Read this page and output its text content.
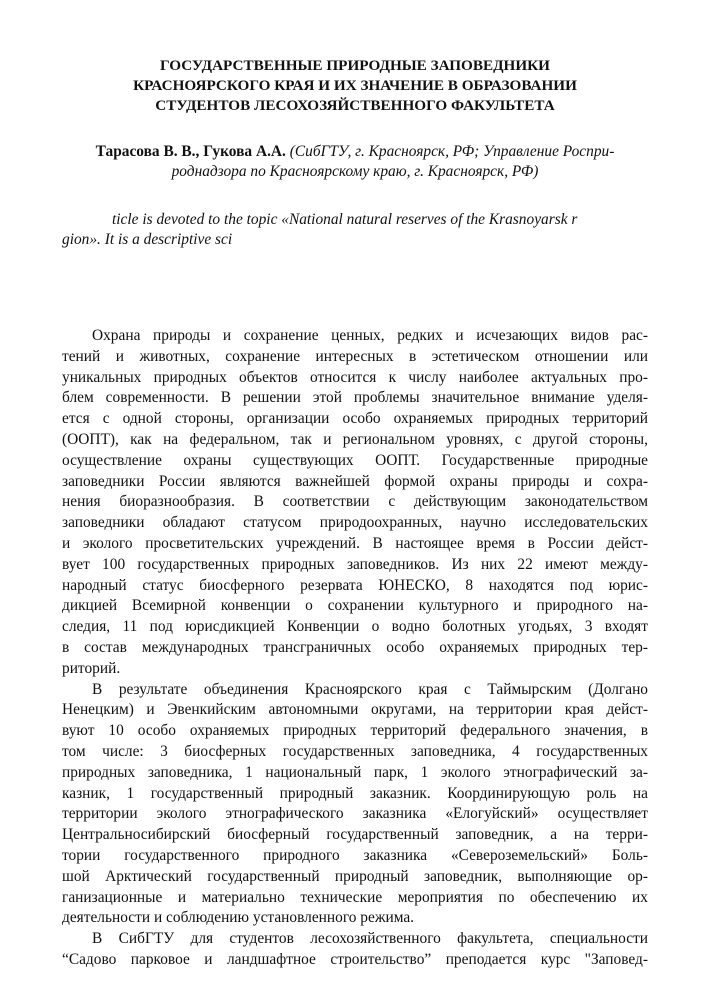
ГОСУДАРСТВЕННЫЕ ПРИРОДНЫЕ ЗАПОВЕДНИКИ
КРАСНОЯРСКОГО КРАЯ И ИХ ЗНАЧЕНИЕ В ОБРАЗОВАНИИ
СТУДЕНТОВ ЛЕСОХОЗЯЙСТВЕННОГО ФАКУЛЬТЕТА
Тарасова В. В., Гукова А.А. (СибГТУ, г. Красноярск, РФ; Управление Роспри-
роднадзора по Красноярскому краю, г. Красноярск, РФ)
ticle is devoted to the topic «National natural reserves of the Krasnoyarsk r
gion». It is a descriptive sci
Охрана природы и сохранение ценных, редких и исчезающих видов рас-
тений и животных, сохранение интересных в эстетическом отношении или
уникальных природных объектов относится к числу наиболее актуальных про-
блем современности. В решении этой проблемы значительное внимание уделя-
ется с одной стороны, организации особо охраняемых природных территорий
(ООПТ), как на федеральном, так и региональном уровнях, с другой стороны,
осуществление охраны существующих ООПТ. Государственные природные
заповедники России являются важнейшей формой охраны природы и сохра-
нения биоразнообразия. В соответствии с действующим законодательством
заповедники обладают статусом природоохранных, научно исследовательских
и эколого просветительских учреждений. В настоящее время в России дейст-
вует 100 государственных природных заповедников. Из них 22 имеют между-
народный статус биосферного резервата ЮНЕСКО, 8 находятся под юрис-
дикцией Всемирной конвенции о сохранении культурного и природного на-
следия, 11 под юрисдикцией Конвенции о водно болотных угодьях, 3 входят
в состав международных трансграничных особо охраняемых природных тер-
риторий.
В результате объединения Красноярского края с Таймырским (Долгано
Ненецким) и Эвенкийским автономными округами, на территории края дейст-
вуют 10 особо охраняемых природных территорий федерального значения, в
том числе: 3 биосферных государственных заповедника, 4 государственных
природных заповедника, 1 национальный парк, 1 эколого этнографический за-
казник, 1 государственный природный заказник. Координирующую роль на
территории эколого этнографического заказника «Елогуйский» осуществляет
Центральносибирский биосферный государственный заповедник, а на терри-
тории государственного природного заказника «Североземельский» Боль-
шой Арктический государственный природный заповедник, выполняющие ор-
ганизационные и материально технические мероприятия по обеспечению их
деятельности и соблюдению установленного режима.
В СибГТУ для студентов лесохозяйственного факультета, специальности
“Садово парковое и ландшафтное строительство” преподается курс "Заповед-
